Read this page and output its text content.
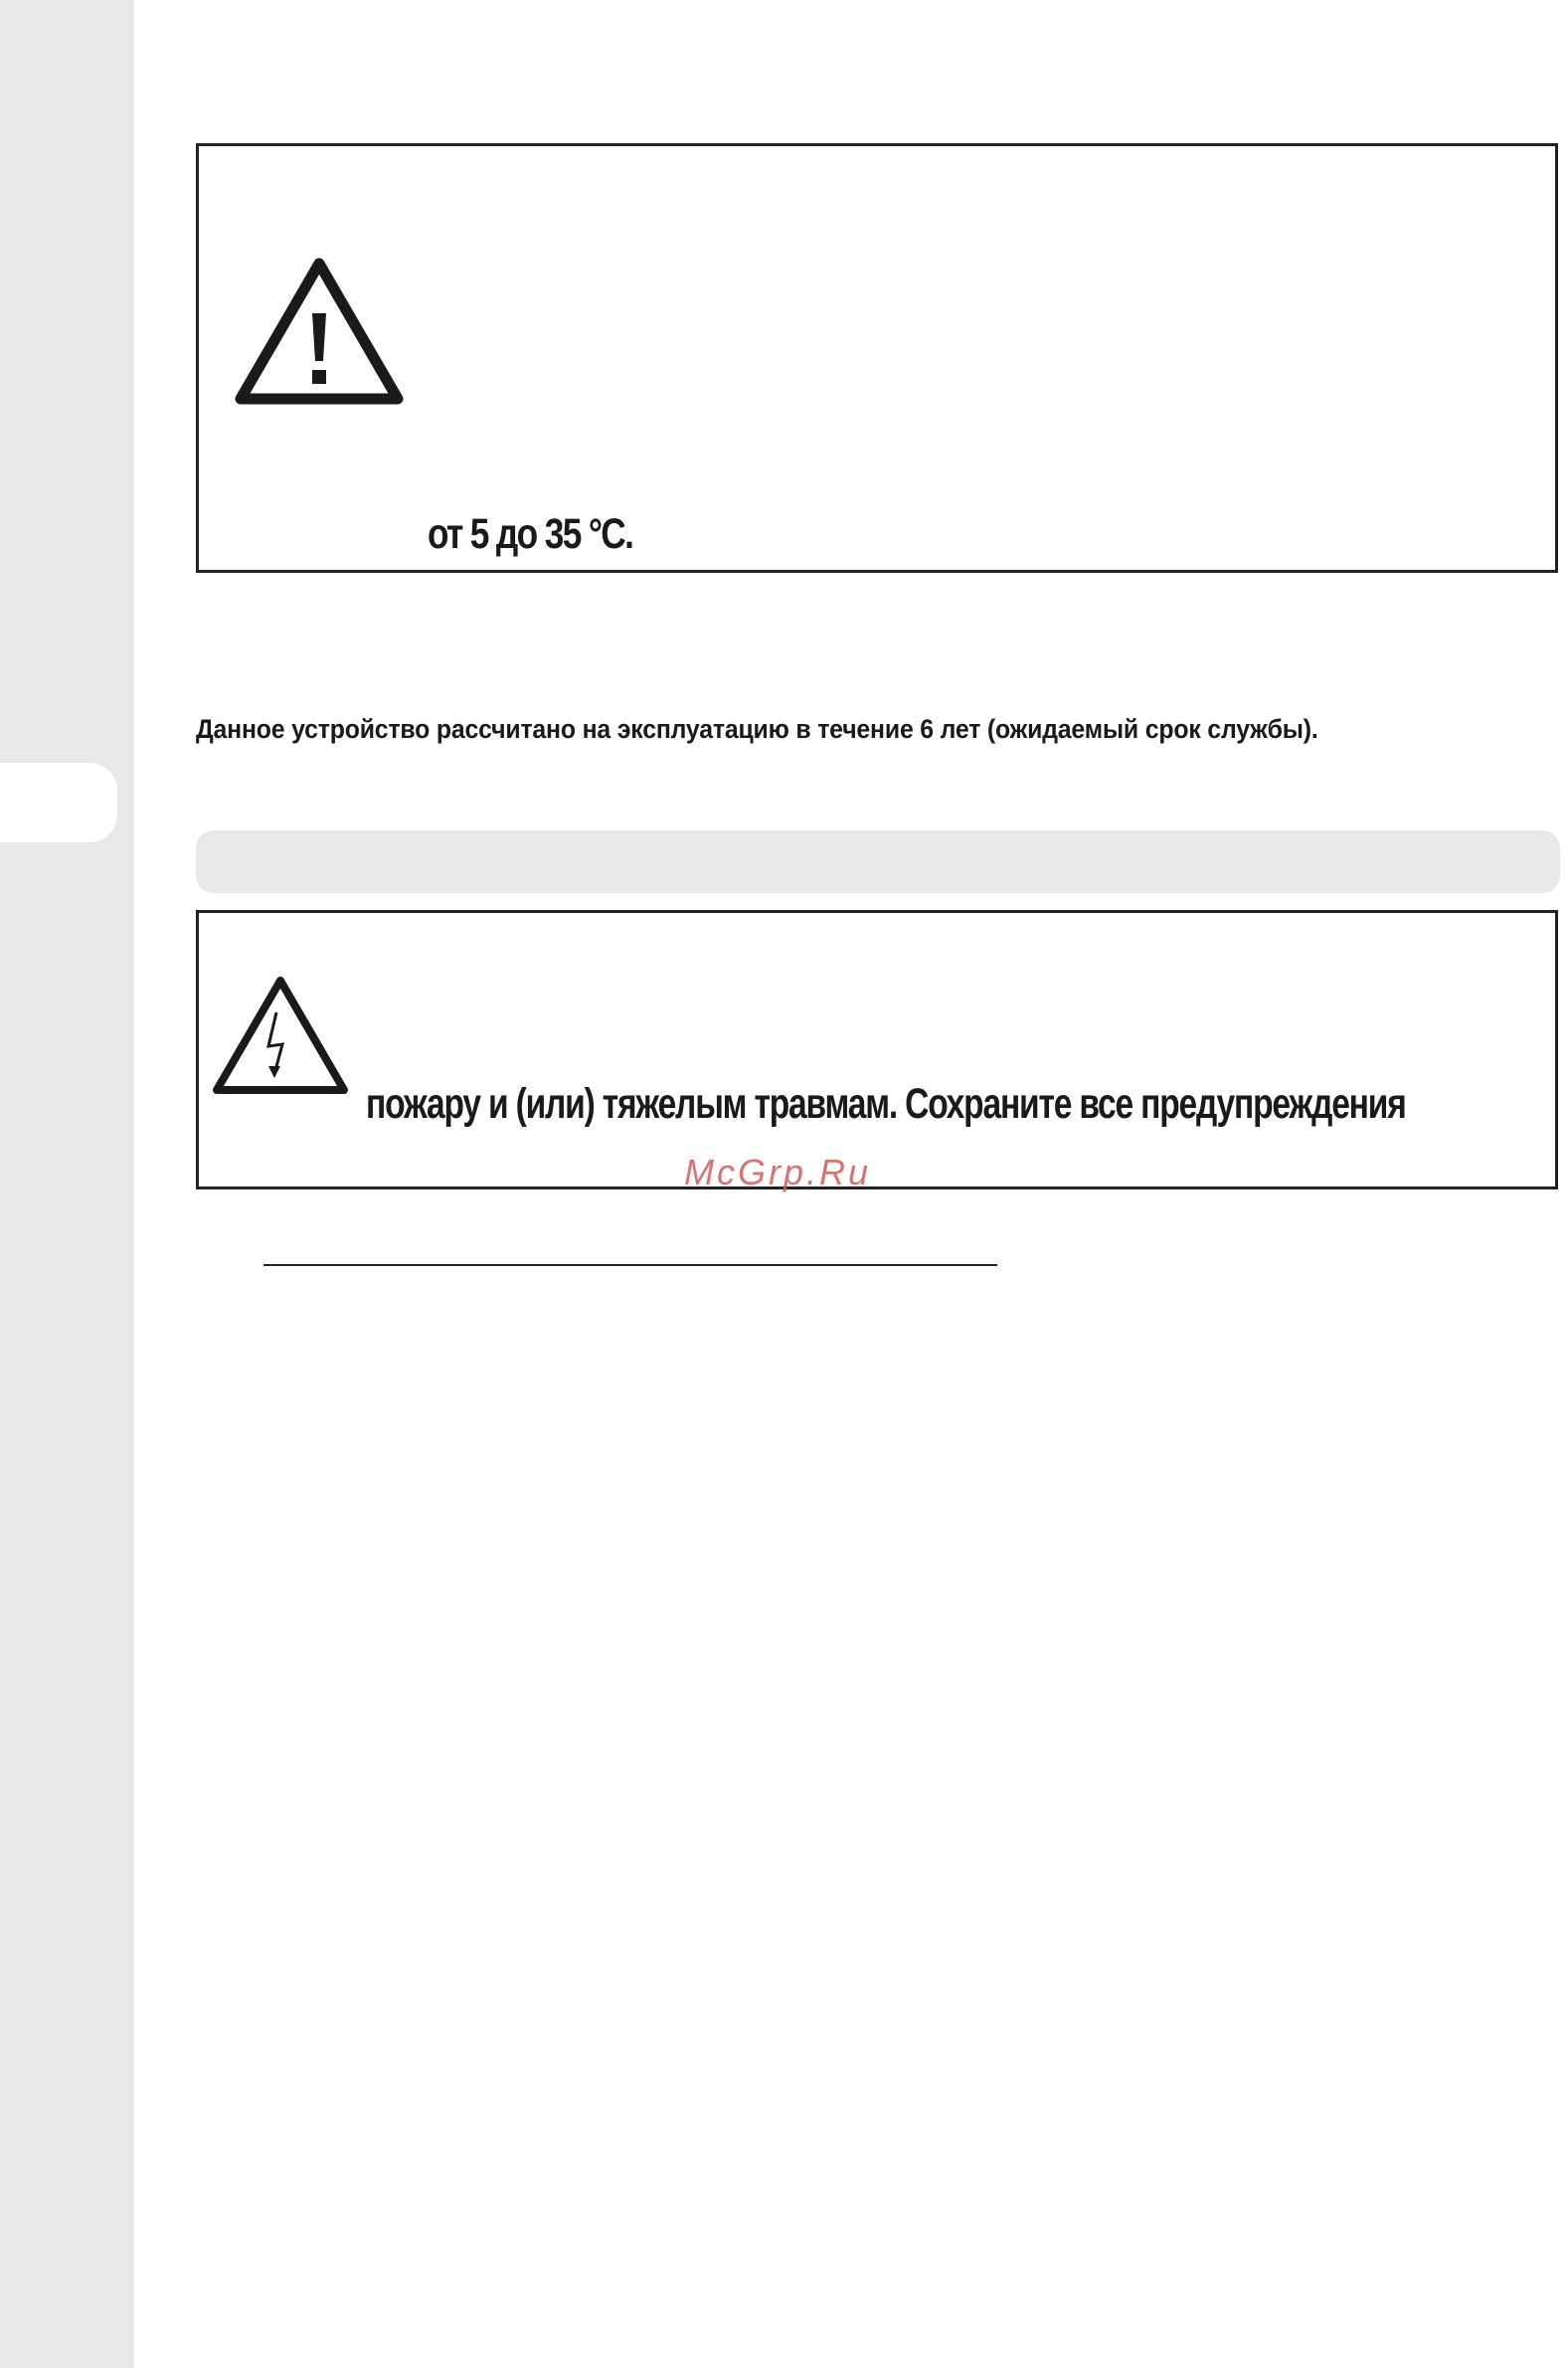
от 5 до 35 °С.
Данное устройство рассчитано на эксплуатацию в течение 6 лет (ожидаемый срок службы).
пожару и (или) тяжелым травмам. Сохраните все предупреждения
McGrp.Ru
